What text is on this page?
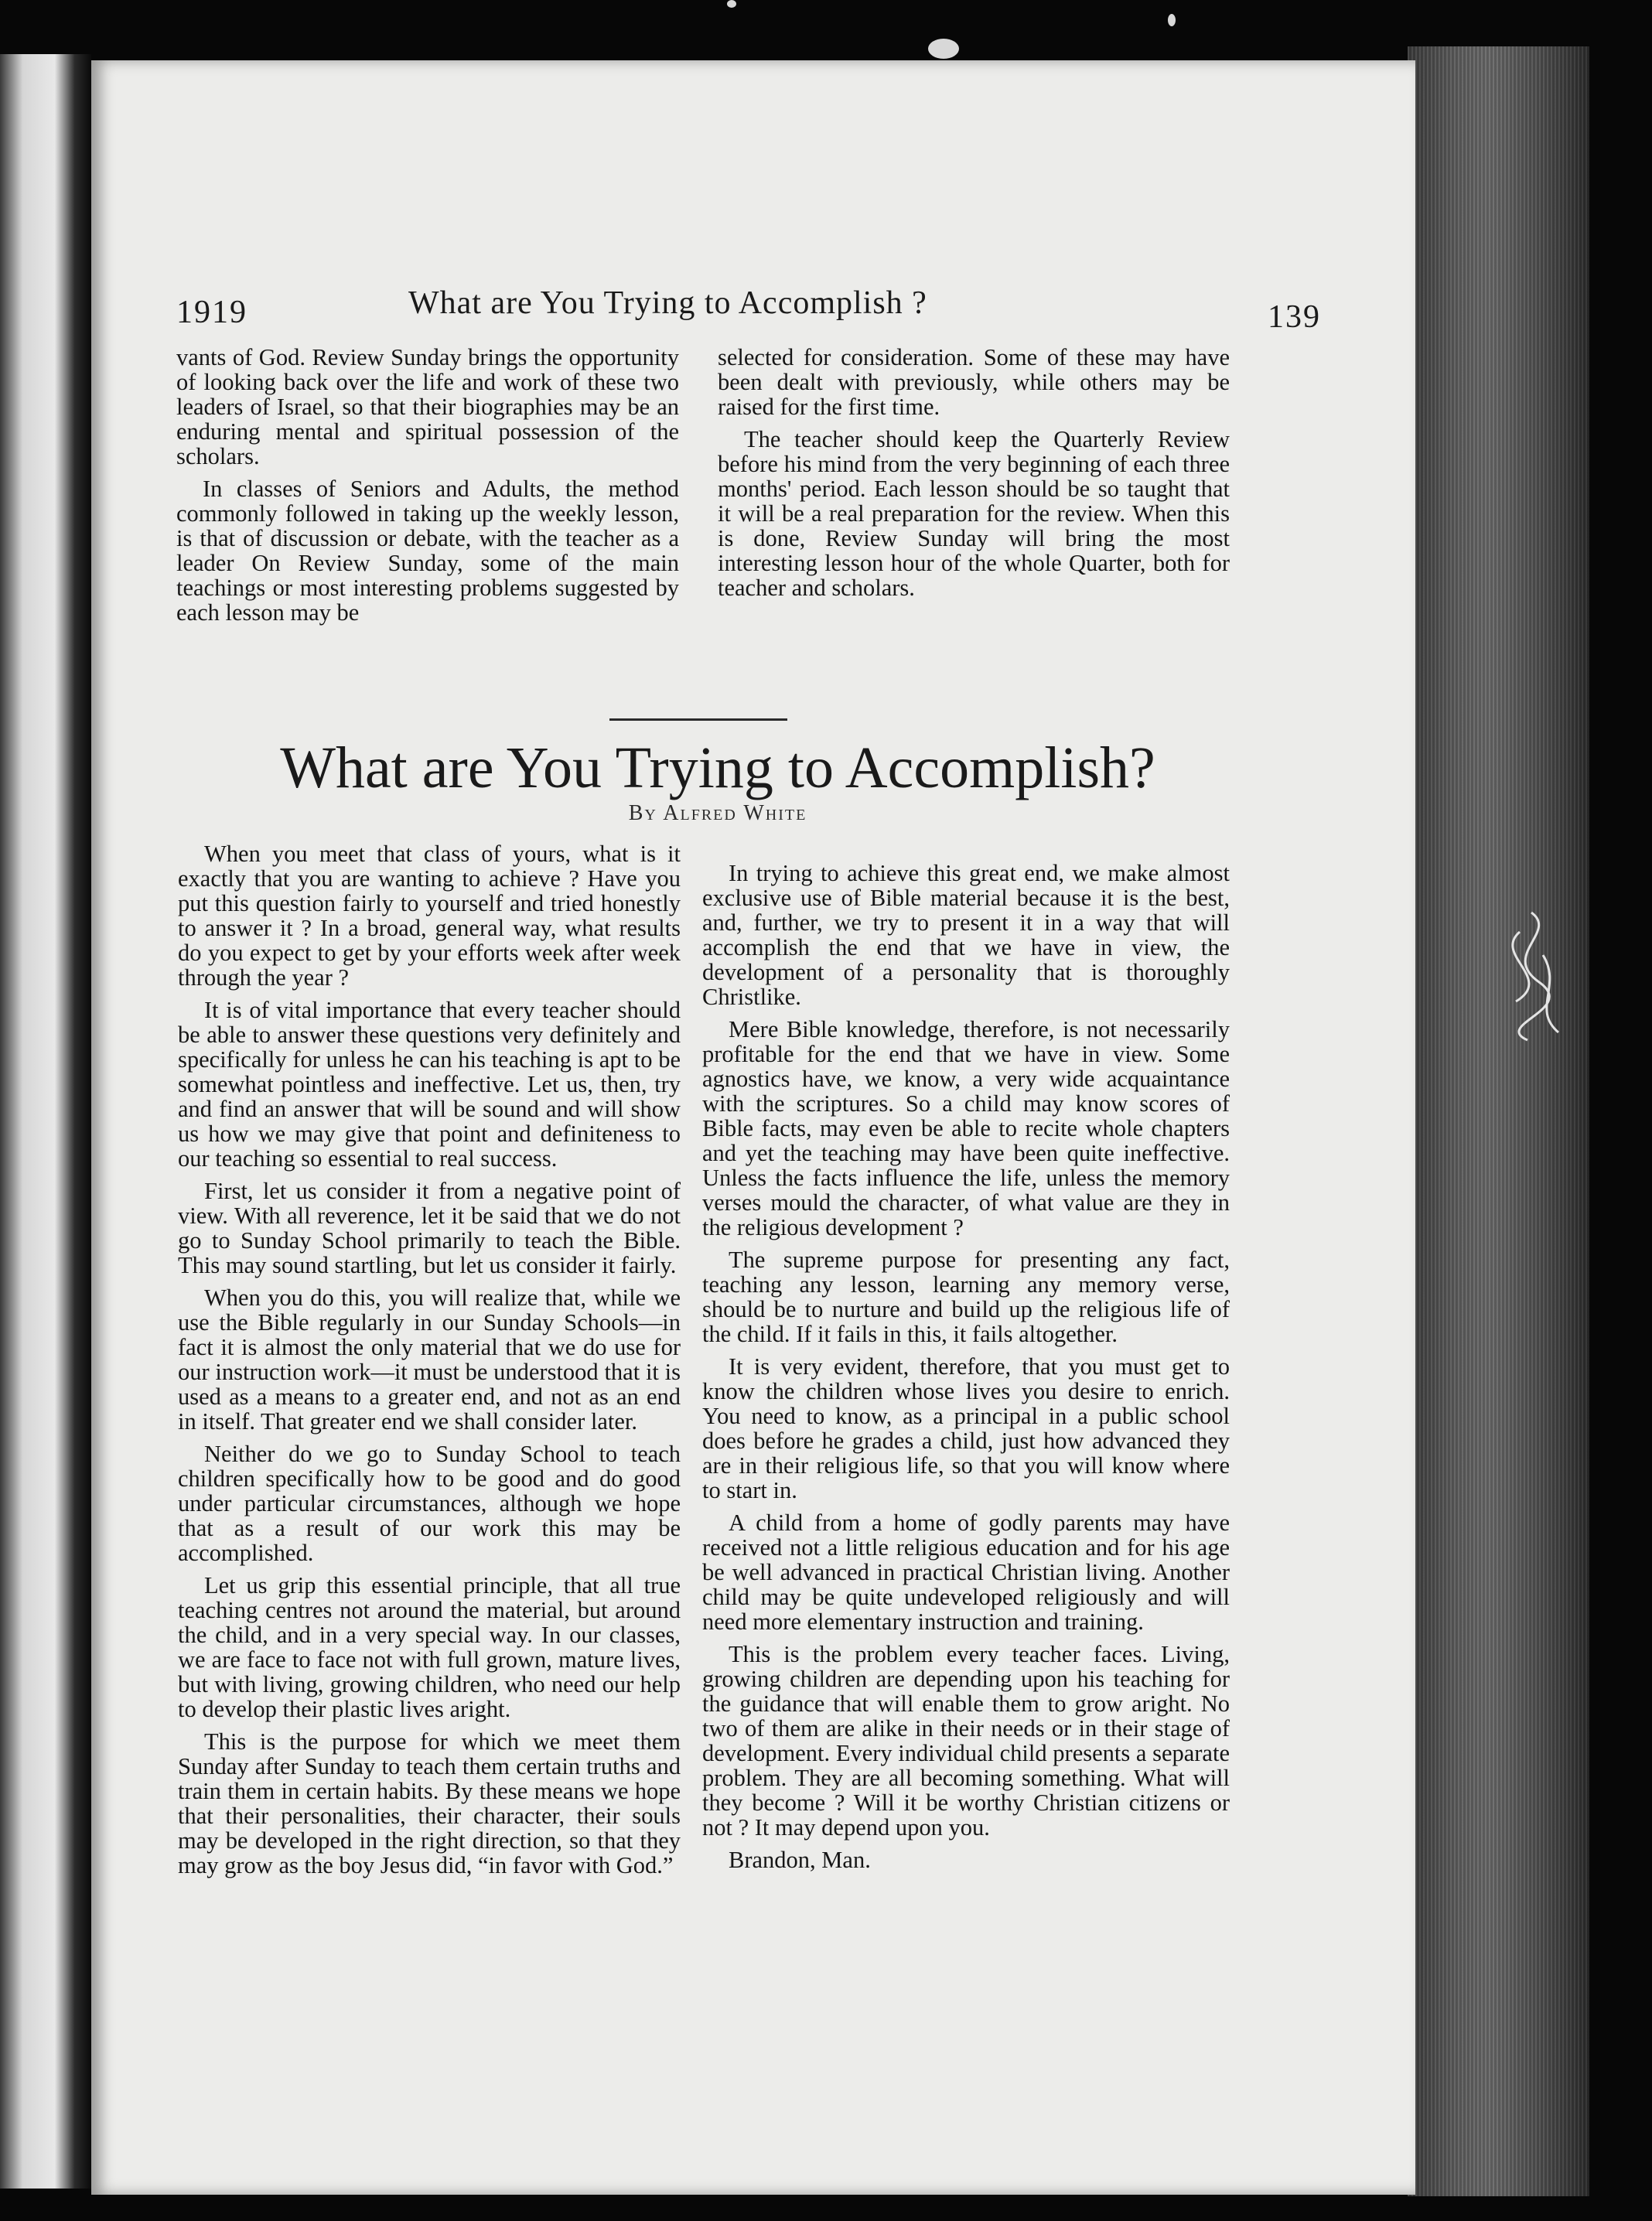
1919	What are You Trying to Accomplish ?	139

vants of God. Review Sunday brings the opportunity of looking back over the life and work of these two leaders of Israel, so that their biographies may be an enduring mental and spiritual possession of the scholars.

In classes of Seniors and Adults, the method commonly followed in taking up the weekly lesson, is that of discussion or debate, with the teacher as a leader On Review Sunday, some of the main teachings or most interesting problems suggested by each lesson may be

selected for consideration. Some of these may have been dealt with previously, while others may be raised for the first time.

The teacher should keep the Quarterly Review before his mind from the very beginning of each three months' period. Each lesson should be so taught that it will be a real preparation for the review. When this is done, Review Sunday will bring the most interesting lesson hour of the whole Quarter, both for teacher and scholars.

What are You Trying to Accomplish?
By Alfred White

When you meet that class of yours, what is it exactly that you are wanting to achieve ? Have you put this question fairly to yourself and tried honestly to answer it ? In a broad, general way, what results do you expect to get by your efforts week after week through the year ?

It is of vital importance that every teacher should be able to answer these questions very definitely and specifically for unless he can his teaching is apt to be somewhat pointless and ineffective. Let us, then, try and find an answer that will be sound and will show us how we may give that point and definiteness to our teaching so essential to real success.

First, let us consider it from a negative point of view. With all reverence, let it be said that we do not go to Sunday School primarily to teach the Bible. This may sound startling, but let us consider it fairly.

When you do this, you will realize that, while we use the Bible regularly in our Sunday Schools—in fact it is almost the only material that we do use for our instruction work—it must be understood that it is used as a means to a greater end, and not as an end in itself. That greater end we shall consider later.

Neither do we go to Sunday School to teach children specifically how to be good and do good under particular circumstances, although we hope that as a result of our work this may be accomplished.

Let us grip this essential principle, that all true teaching centres not around the material, but around the child, and in a very special way. In our classes, we are face to face not with full grown, mature lives, but with living, growing children, who need our help to develop their plastic lives aright.

This is the purpose for which we meet them Sunday after Sunday to teach them certain truths and train them in certain habits. By these means we hope that their personalities, their character, their souls may be developed in the right direction, so that they may grow as the boy Jesus did, “in favor with God.”

In trying to achieve this great end, we make almost exclusive use of Bible material because it is the best, and, further, we try to present it in a way that will accomplish the end that we have in view, the development of a personality that is thoroughly Christlike.

Mere Bible knowledge, therefore, is not necessarily profitable for the end that we have in view. Some agnostics have, we know, a very wide acquaintance with the scriptures. So a child may know scores of Bible facts, may even be able to recite whole chapters and yet the teaching may have been quite ineffective. Unless the facts influence the life, unless the memory verses mould the character, of what value are they in the religious development ?

The supreme purpose for presenting any fact, teaching any lesson, learning any memory verse, should be to nurture and build up the religious life of the child. If it fails in this, it fails altogether.

It is very evident, therefore, that you must get to know the children whose lives you desire to enrich. You need to know, as a principal in a public school does before he grades a child, just how advanced they are in their religious life, so that you will know where to start in.

A child from a home of godly parents may have received not a little religious education and for his age be well advanced in practical Christian living. Another child may be quite undeveloped religiously and will need more elementary instruction and training.

This is the problem every teacher faces. Living, growing children are depending upon his teaching for the guidance that will enable them to grow aright. No two of them are alike in their needs or in their stage of development. Every individual child presents a separate problem. They are all becoming something. What will they become ? Will it be worthy Christian citizens or not ? It may depend upon you.

Brandon, Man.
